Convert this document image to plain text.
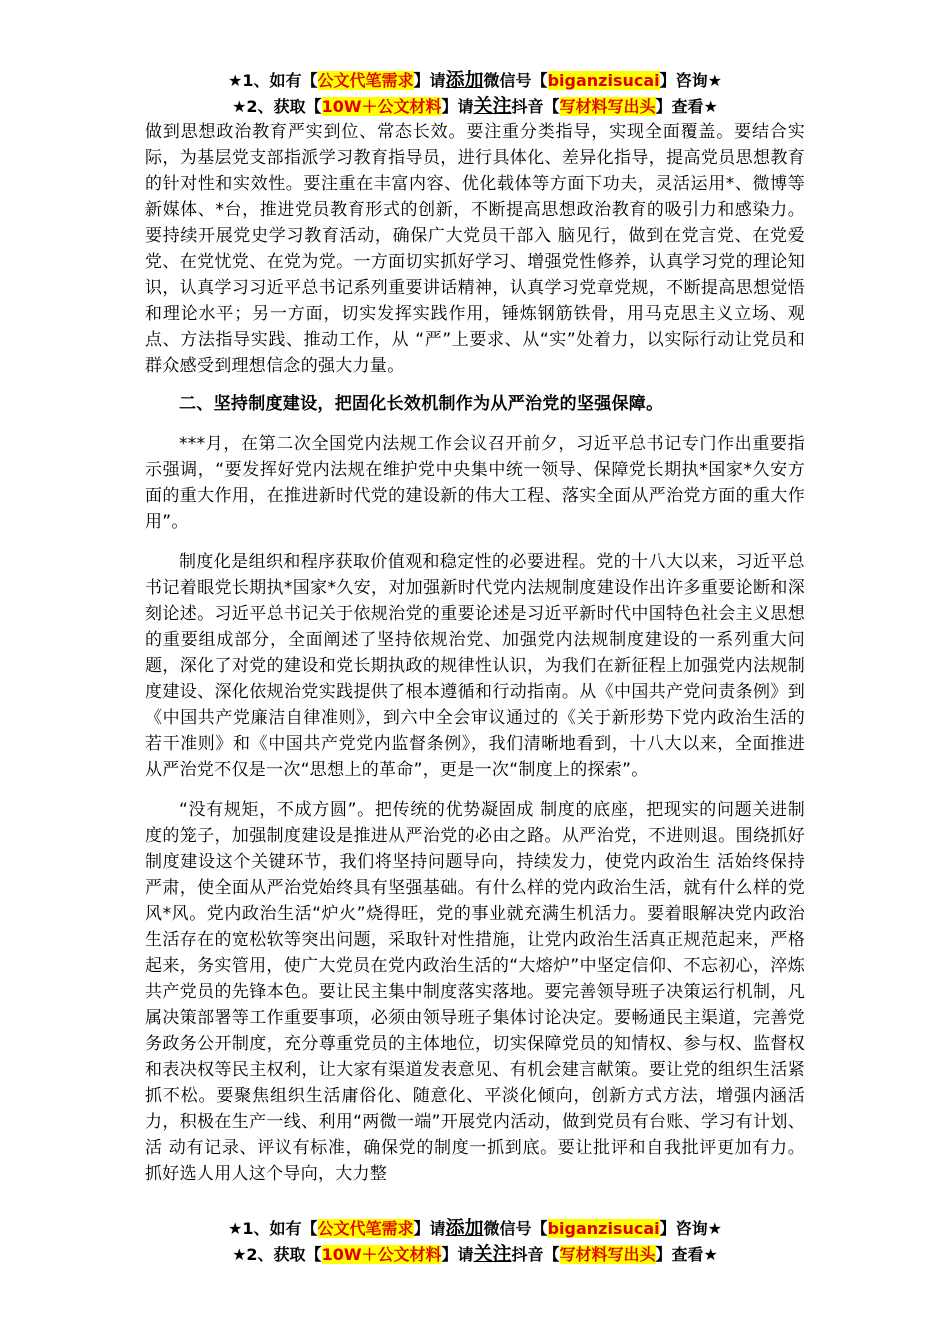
★1、如有【公文代笔需求】请添加微信号【biganzisucai】咨询★
★2、获取【10W＋公文材料】请关注抖音【写材料写出头】查看★

做到思想政治教育严实到位、常态长效。要注重分类指导，实现全面覆盖。要结合实际，为基层党支部指派学习教育指导员，进行具体化、差异化指导，提高党员思想教育的针对性和实效性。要注重在丰富内容、优化载体等方面下功夫，灵活运用*、微博等新媒体、*台，推进党员教育形式的创新，不断提高思想政治教育的吸引力和感染力。要持续开展党史学习教育活动，确保广大党员干部入 脑见行，做到在党言党、在党爱党、在党忧党、在党为党。一方面切实抓好学习、增强党性修养，认真学习党的理论知识，认真学习习近平总书记系列重要讲话精神，认真学习党章党规，不断提高思想觉悟和理论水平；另一方面，切实发挥实践作用，锤炼钢筋铁骨，用马克思主义立场、观点、方法指导实践、推动工作，从 “严”上要求、从“实”处着力，以实际行动让党员和群众感受到理想信念的强大力量。

二、坚持制度建设，把固化长效机制作为从严治党的坚强保障。

***月，在第二次全国党内法规工作会议召开前夕，习近平总书记专门作出重要指示强调，“要发挥好党内法规在维护党中央集中统一领导、保障党长期执*国家*久安方面的重大作用，在推进新时代党的建设新的伟大工程、落实全面从严治党方面的重大作用”。

制度化是组织和程序获取价值观和稳定性的必要进程。党的十八大以来，习近平总书记着眼党长期执*国家*久安，对加强新时代党内法规制度建设作出许多重要论断和深刻论述。习近平总书记关于依规治党的重要论述是习近平新时代中国特色社会主义思想的重要组成部分，全面阐述了坚持依规治党、加强党内法规制度建设的一系列重大问题，深化了对党的建设和党长期执政的规律性认识，为我们在新征程上加强党内法规制度建设、深化依规治党实践提供了根本遵循和行动指南。从《中国共产党问责条例》到《中国共产党廉洁自律准则》，到六中全会审议通过的《关于新形势下党内政治生活的若干准则》和《中国共产党党内监督条例》，我们清晰地看到，十八大以来，全面推进从严治党不仅是一次“思想上的革命”，更是一次“制度上的探索”。

“没有规矩，不成方圆”。把传统的优势凝固成 制度的底座，把现实的问题关进制度的笼子，加强制度建设是推进从严治党的必由之路。从严治党，不进则退。围绕抓好制度建设这个关键环节，我们将坚持问题导向，持续发力，使党内政治生 活始终保持严肃，使全面从严治党始终具有坚强基础。有什么样的党内政治生活，就有什么样的党风*风。党内政治生活“炉火”烧得旺，党的事业就充满生机活力。要着眼解决党内政治生活存在的宽松软等突出问题，采取针对性措施，让党内政治生活真正规范起来，严格起来，务实管用，使广大党员在党内政治生活的“大熔炉”中坚定信仰、不忘初心，淬炼共产党员的先锋本色。要让民主集中制度落实落地。要完善领导班子决策运行机制，凡属决策部署等工作重要事项，必须由领导班子集体讨论决定。要畅通民主渠道，完善党务政务公开制度，充分尊重党员的主体地位，切实保障党员的知情权、参与权、监督权和表决权等民主权利，让大家有渠道发表意见、有机会建言献策。要让党的组织生活紧抓不松。要聚焦组织生活庸俗化、随意化、平淡化倾向，创新方式方法，增强内涵活力，积极在生产一线、利用“两微一端”开展党内活动，做到党员有台账、学习有计划、活 动有记录、评议有标准，确保党的制度一抓到底。要让批评和自我批评更加有力。抓好选人用人这个导向，大力整

★1、如有【公文代笔需求】请添加微信号【biganzisucai】咨询★
★2、获取【10W＋公文材料】请关注抖音【写材料写出头】查看★
